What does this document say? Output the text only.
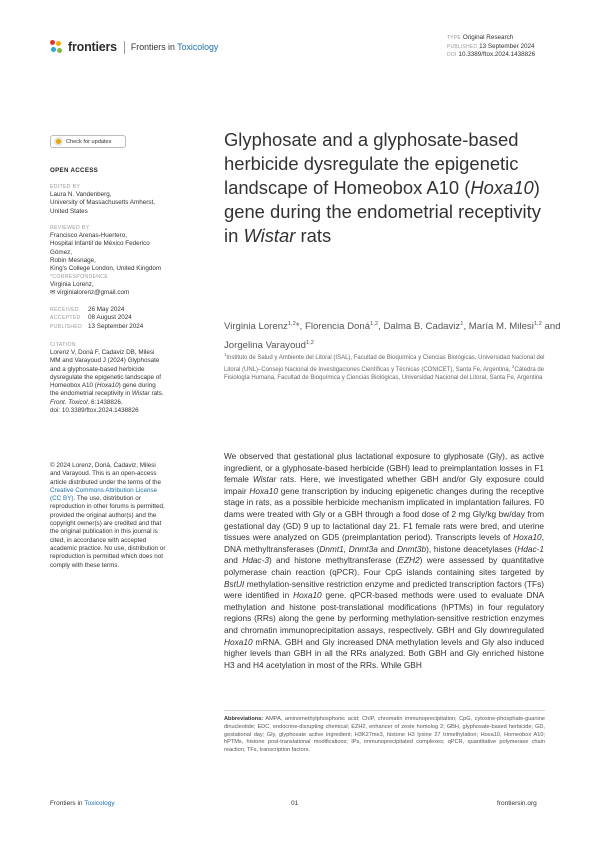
frontiers Frontiers in Toxicology
TYPE Original Research
PUBLISHED 13 September 2024
DOI 10.3389/ftox.2024.1438826
Check for updates
OPEN ACCESS
EDITED BY

Laura N. Vandenberg,

University of Massachusetts Amherst,

United States

REVIEWED BY

Francisco Arenas-Huertero,

Hospital Infantil de México Federico Gómez,

Robin Mesnage,

King's College London, United Kingdom

*CORRESPONDENCE

Virginia Lorenz,

✉ virginialorenz@gmail.com

RECEIVED 26 May 2024
ACCEPTED 08 August 2024
PUBLISHED 13 September 2024
CITATION

Lorenz V, Doná F, Cadaviz DB, Milesi MM and Varayoud J (2024) Glyphosate and a glyphosate-based herbicide dysregulate the epigenetic landscape of Homeobox A10 (Hoxa10) gene during the endometrial receptivity in Wistar rats.

Front. Toxicol. 6:1438826.

doi: 10.3389/ftox.2024.1438826

© 2024 Lorenz, Doná, Cadaviz, Milesi and Varayoud. This is an open-access article distributed under the terms of the Creative Commons Attribution License (CC BY). The use, distribution or reproduction in other forums is permitted, provided the original author(s) and the copyright owner(s) are credited and that the original publication in this journal is cited, in accordance with accepted academic practice. No use, distribution or reproduction is permitted which does not comply with these terms.

Glyphosate and a glyphosate-based herbicide dysregulate the epigenetic landscape of Homeobox A10 (Hoxa10) gene during the endometrial receptivity in Wistar rats
Virginia Lorenz$^{1,2}$*, Florencia Doná$^{1,2}$, Dalma B. Cadaviz$^1$, María M. Milesi$^{1,2}$ and Jorgelina Varayoud$^{1,2}$
$^1$Instituto de Salud y Ambiente del Litoral (ISAL), Facultad de Bioquímica y Ciencias Biológicas, Universidad Nacional del Litoral (UNL)–Consejo Nacional de Investigaciones Científicas y Técnicas (CONICET), Santa Fe, Argentina, $^2$Cátedra de Fisiología Humana, Facultad de Bioquímica y Ciencias Biológicas, Universidad Nacional del Litoral, Santa Fe, Argentina

We observed that gestational plus lactational exposure to glyphosate (Gly), as active ingredient, or a glyphosate-based herbicide (GBH) lead to preimplantation losses in F1 female Wistar rats. Here, we investigated whether GBH and/or Gly exposure could impair Hoxa10 gene transcription by inducing epigenetic changes during the receptive stage in rats, as a possible herbicide mechanism implicated in implantation failures. F0 dams were treated with Gly or a GBH through a food dose of 2 mg Gly/kg bw/day from gestational day (GD) 9 up to lactational day 21. F1 female rats were bred, and uterine tissues were analyzed on GD5 (preimplantation period). Transcripts levels of Hoxa10, DNA methyltransferases (Dnmt1, Dnmt3a and Dnmt3b), histone deacetylases (Hdac-1 and Hdac-3) and histone methyltransferase (EZH2) were assessed by quantitative polymerase chain reaction (qPCR). Four CpG islands containing sites targeted by BstUI methylation-sensitive restriction enzyme and predicted transcription factors (TFs) were identified in Hoxa10 gene. qPCR-based methods were used to evaluate DNA methylation and histone post-translational modifications (hPTMs) in four regulatory regions (RRs) along the gene by performing methylation-sensitive restriction enzymes and chromatin immunoprecipitation assays, respectively. GBH and Gly downregulated Hoxa10 mRNA. GBH and Gly increased DNA methylation levels and Gly also induced higher levels than GBH in all the RRs analyzed. Both GBH and Gly enriched histone H3 and H4 acetylation in most of the RRs. While GBH

Abbreviations: AMPA, aminomethylphosphonic acid; ChIP, chromatin immunoprecipitation; CpG, cytosine-phosphate-guanine dinucleotide; EDC, endocrine-disrupting chemical; EZH2, enhancer of zeste homolog 2; GBH, glyphosate-based herbicide; GD, gestational day; Gly, glyphosate active ingredient; H3K27me3, histone H3 lysine 27 trimethylation; Hoxa10, Homeobox A10; hPTMs, histone post-translational modifications; IPs, immunoprecipitated complexes; qPCR, quantitative polymerase chain reaction; TFs, transcription factors.
Frontiers in Toxicology	01	frontiersin.org
